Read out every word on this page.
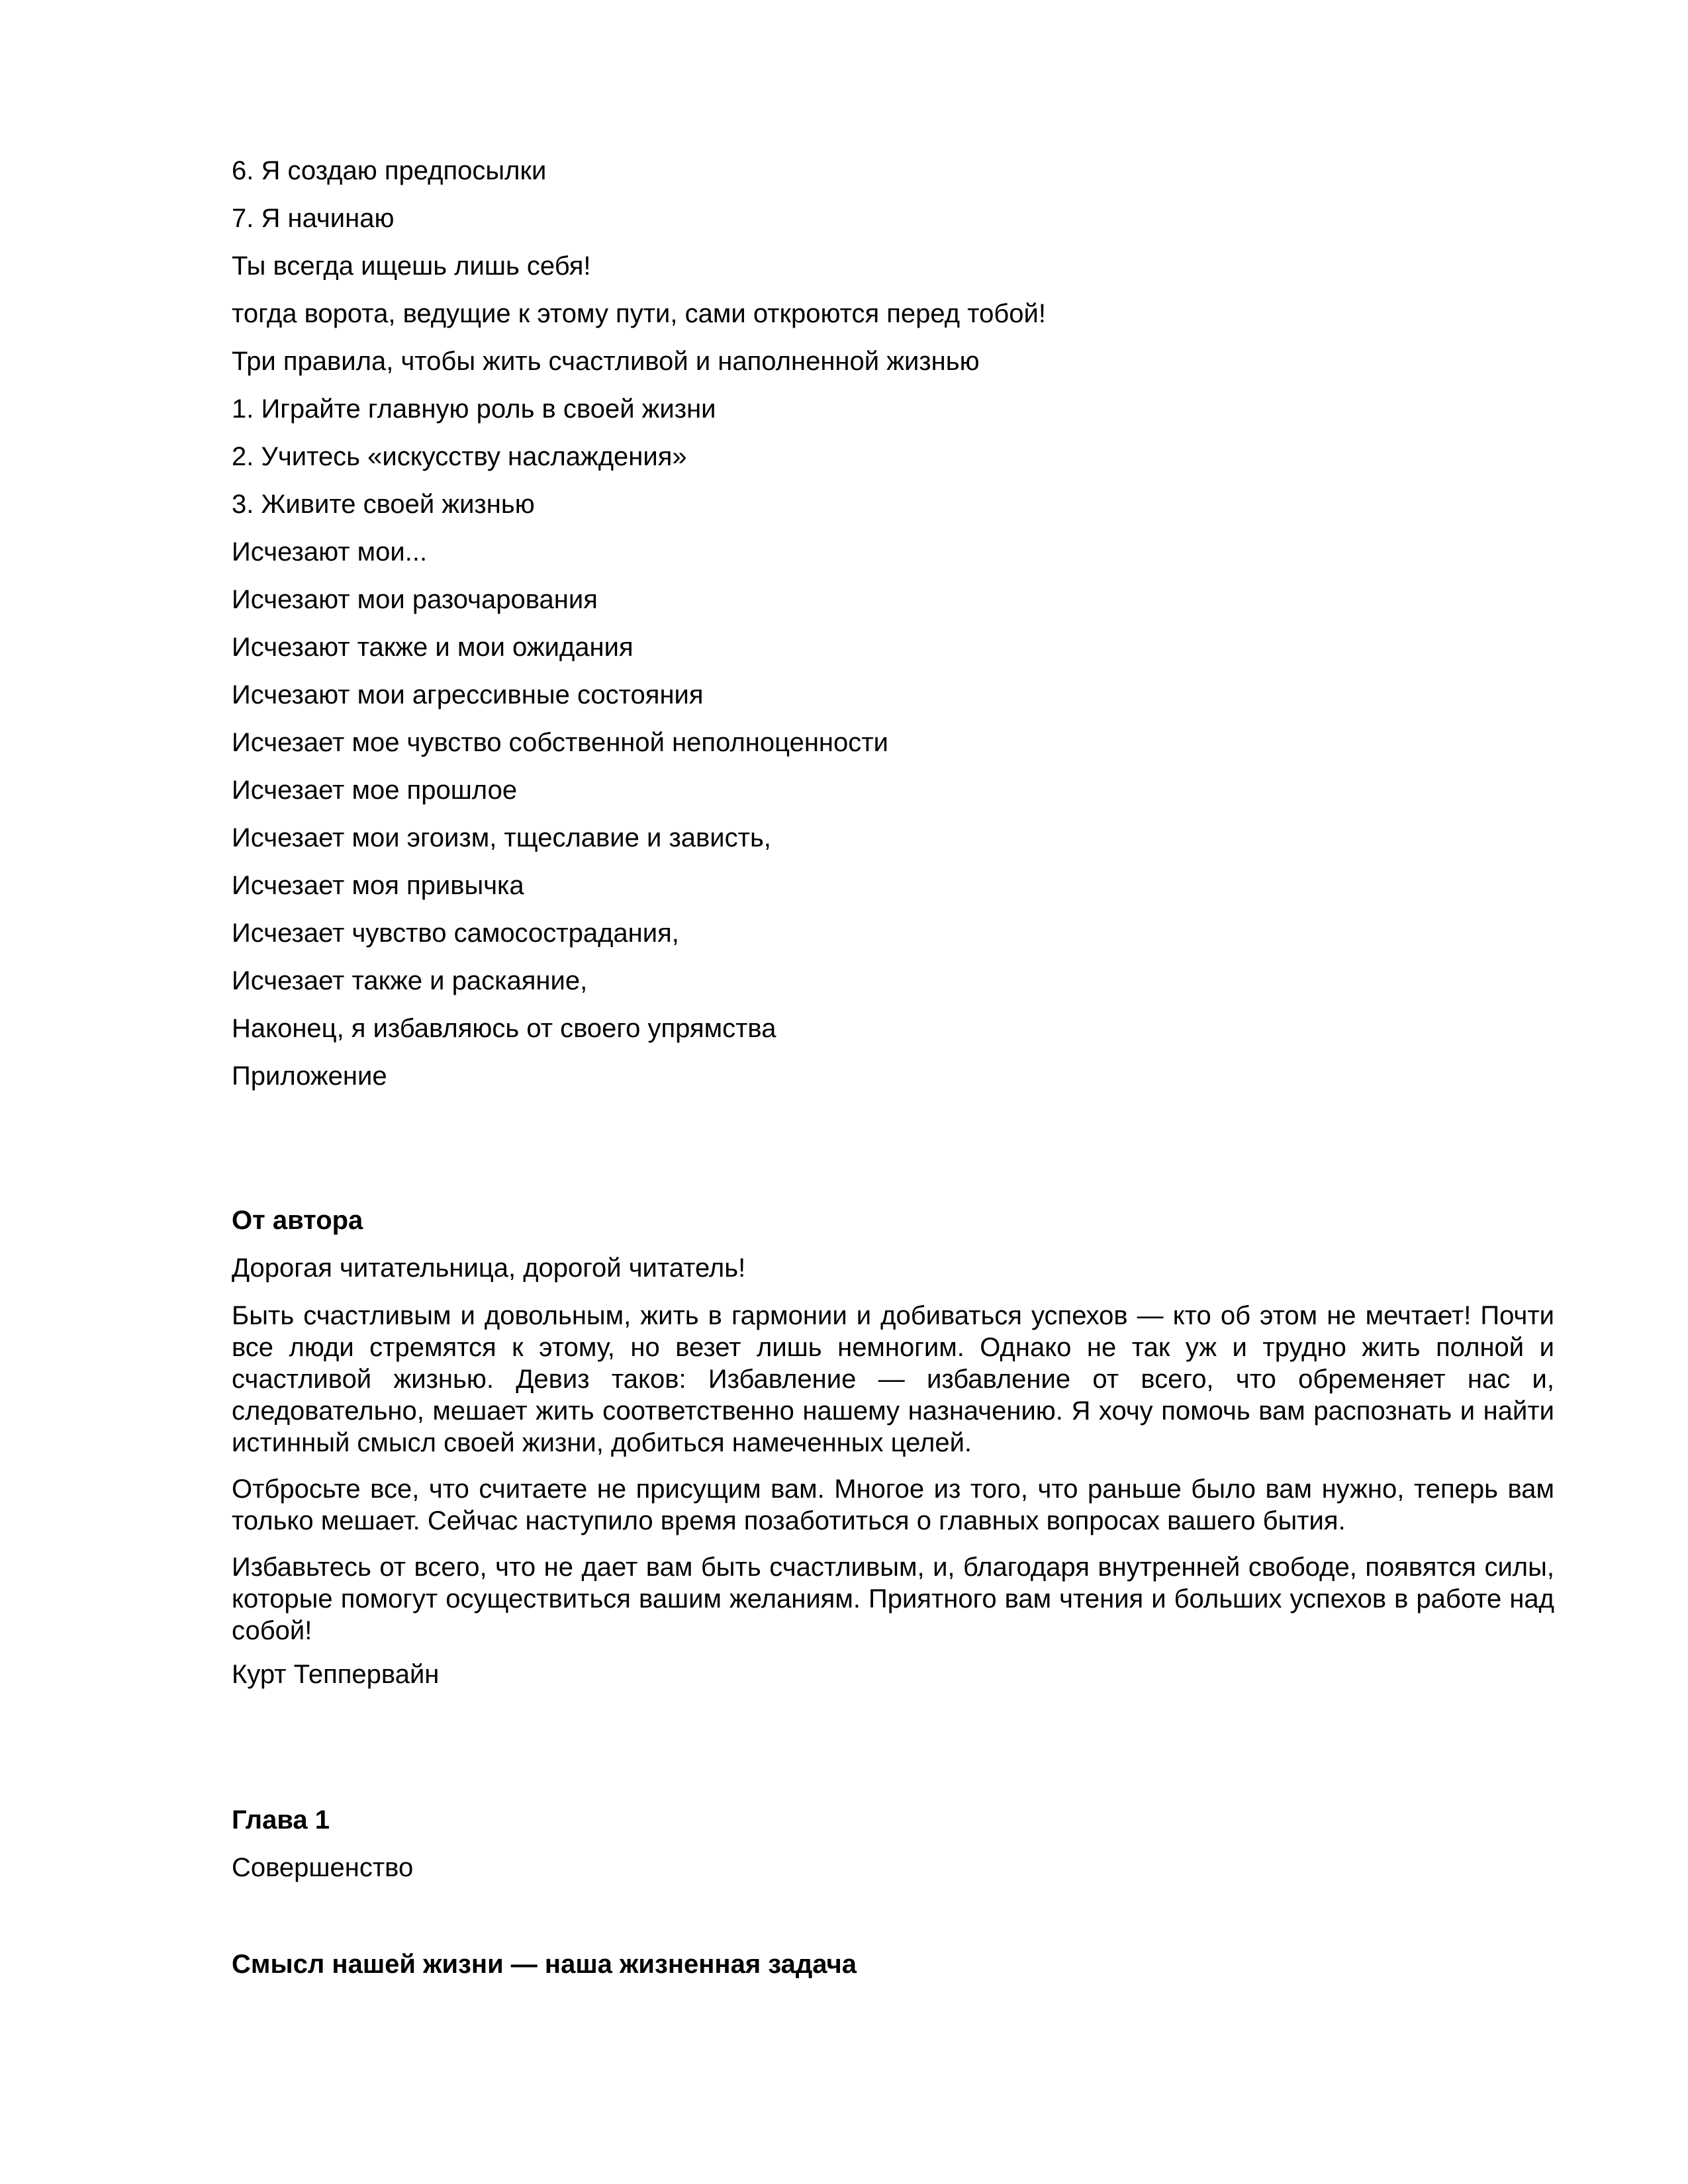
6. Я создаю предпосылки

7. Я начинаю

Ты всегда ищешь лишь себя!

тогда ворота, ведущие к этому пути, сами откроются перед тобой!

Три правила, чтобы жить счастливой и наполненной жизнью

1. Играйте главную роль в своей жизни

2. Учитесь «искусству наслаждения»

3. Живите своей жизнью

Исчезают мои...

Исчезают мои разочарования

Исчезают также и мои ожидания

Исчезают мои агрессивные состояния

Исчезает мое чувство собственной неполноценности

Исчезает мое прошлое

Исчезает мои эгоизм, тщеславие и зависть,

Исчезает моя привычка

Исчезает чувство самосострадания,

Исчезает также и раскаяние,

Наконец, я избавляюсь от своего упрямства

Приложение

От автора

Дорогая читательница, дорогой читатель!

Быть счастливым и довольным, жить в гармонии и добиваться успехов — кто об этом не мечтает! Почти все люди стремятся к этому, но везет лишь немногим. Однако не так уж и трудно жить полной и счастливой жизнью. Девиз таков: Избавление — избавление от всего, что обременяет нас и, следовательно, мешает жить соответственно нашему назначению. Я хочу помочь вам распознать и найти истинный смысл своей жизни, добиться намеченных целей.

Отбросьте все, что считаете не присущим вам. Многое из того, что раньше было вам нужно, теперь вам только мешает. Сейчас наступило время позаботиться о главных вопросах вашего бытия.

Избавьтесь от всего, что не дает вам быть счастливым, и, благодаря внутренней свободе, появятся силы, которые помогут осуществиться вашим желаниям. Приятного вам чтения и больших успехов в работе над собой!

Курт Теппервайн

Глава 1

Совершенство

Смысл нашей жизни — наша жизненная задача
